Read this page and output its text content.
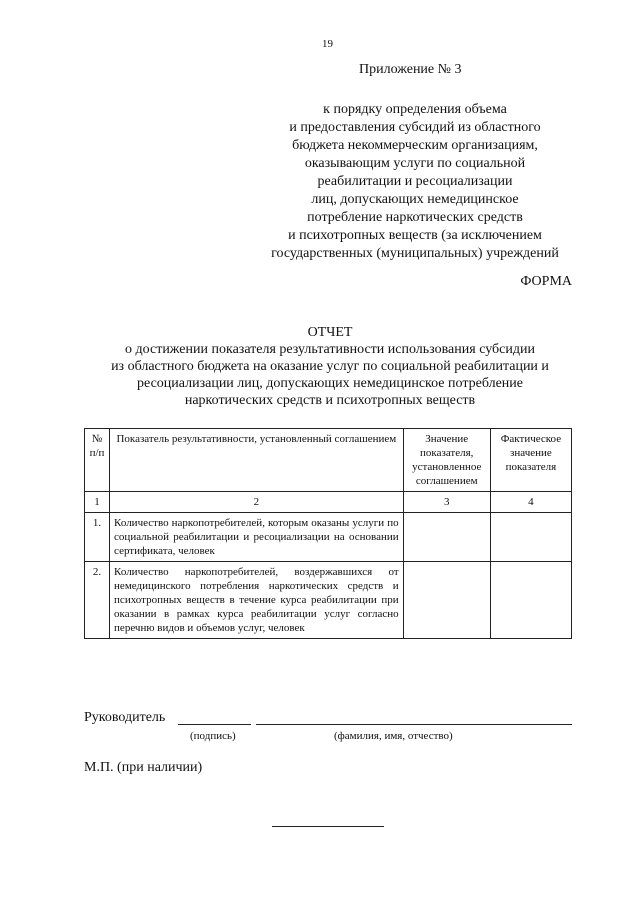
19
Приложение № 3
к порядку определения объема
и предоставления субсидий из областного
бюджета некоммерческим организациям,
оказывающим услуги по социальной
реабилитации и ресоциализации
лиц, допускающих немедицинское
потребление наркотических средств
и психотропных веществ (за исключением
государственных (муниципальных) учреждений
ФОРМА
ОТЧЕТ
о достижении показателя результативности использования субсидии
из областного бюджета на оказание услуг по социальной реабилитации и
ресоциализации лиц, допускающих немедицинское потребление
наркотических средств и психотропных веществ
№ п/п	Показатель результативности, установленный соглашением	Значение показателя, установленное соглашением	Фактическое значение показателя
1	2	3	4
1.	Количество наркопотребителей, которым оказаны услуги по социальной реабилитации и ресоциализации на основании сертификата, человек		
2.	Количество наркопотребителей, воздержавшихся от немедицинского потребления наркотических средств и психотропных веществ в течение курса реабилитации при оказании в рамках курса реабилитации услуг согласно перечню видов и объемов услуг, человек		
Руководитель
(подпись)	(фамилия, имя, отчество)
М.П. (при наличии)
